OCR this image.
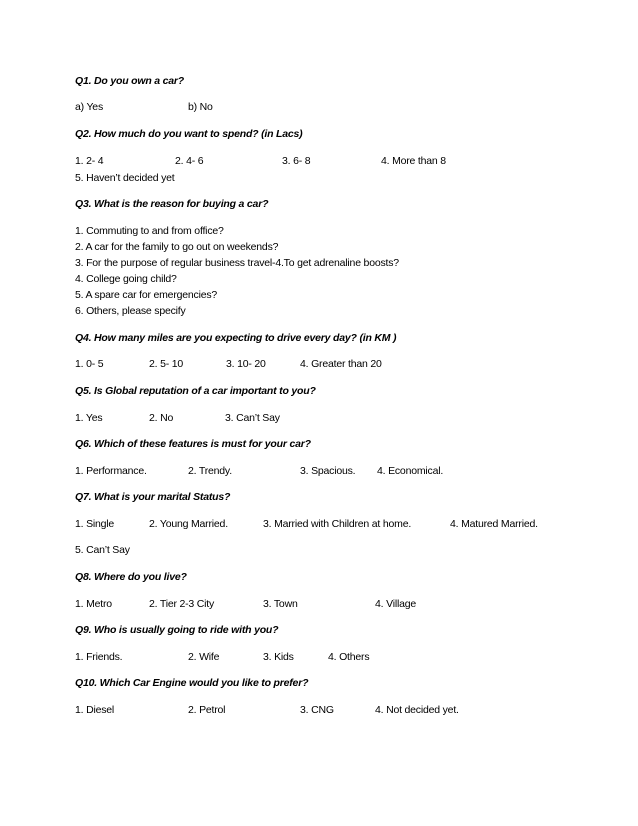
Q1. Do you own a car?
a) Yes	b) No
Q2. How much do you want to spend? (in Lacs)
1. 2- 4	2. 4- 6	3. 6- 8	4. More than 8
5. Haven’t decided yet
Q3. What is the reason for buying a car?
1. Commuting to and from office?
2. A car for the family to go out on weekends?
3. For the purpose of regular business travel-4.To get adrenaline boosts?
4. College going child?
5. A spare car for emergencies?
6. Others, please specify
Q4. How many miles are you expecting to drive every day? (in KM )
1. 0- 5	2. 5- 10	3. 10- 20	4. Greater than 20
Q5. Is Global reputation of a car important to you?
1. Yes	2. No	3. Can’t Say
Q6. Which of these features is must for your car?
1. Performance.	2. Trendy.	3. Spacious. 4. Economical.
Q7. What is your marital Status?
1. Single	2. Young Married.	3. Married with Children at home.	4. Matured Married.
5. Can’t Say
Q8. Where do you live?
1. Metro	2. Tier 2-3 City	3. Town	4. Village
Q9. Who is usually going to ride with you?
1. Friends.	2. Wife	3. Kids	4. Others
Q10. Which Car Engine would you like to prefer?
1. Diesel	2. Petrol	3. CNG	4. Not decided yet.
